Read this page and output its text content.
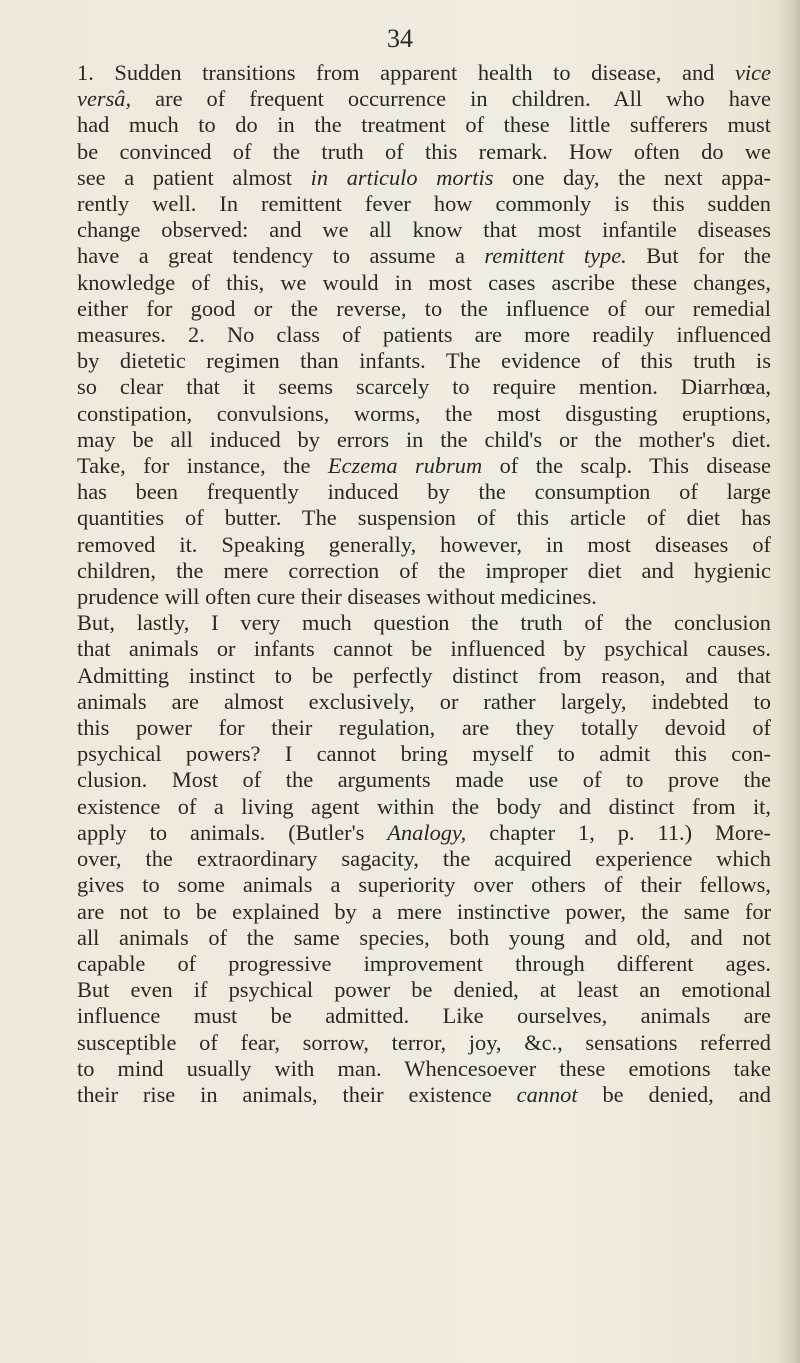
34

1. Sudden transitions from apparent health to disease, and vice
versâ, are of frequent occurrence in children. All who have
had much to do in the treatment of these little sufferers must
be convinced of the truth of this remark. How often do we
see a patient almost in articulo mortis one day, the next appa-
rently well. In remittent fever how commonly is this sudden
change observed: and we all know that most infantile diseases
have a great tendency to assume a remittent type. But for the
knowledge of this, we would in most cases ascribe these changes,
either for good or the reverse, to the influence of our remedial
measures. 2. No class of patients are more readily influenced
by dietetic regimen than infants. The evidence of this truth is
so clear that it seems scarcely to require mention. Diarrhœa,
constipation, convulsions, worms, the most disgusting eruptions,
may be all induced by errors in the child's or the mother's diet.
Take, for instance, the Eczema rubrum of the scalp. This disease
has been frequently induced by the consumption of large
quantities of butter. The suspension of this article of diet has
removed it. Speaking generally, however, in most diseases of
children, the mere correction of the improper diet and hygienic
prudence will often cure their diseases without medicines.

But, lastly, I very much question the truth of the conclusion
that animals or infants cannot be influenced by psychical causes.
Admitting instinct to be perfectly distinct from reason, and that
animals are almost exclusively, or rather largely, indebted to
this power for their regulation, are they totally devoid of
psychical powers? I cannot bring myself to admit this con-
clusion. Most of the arguments made use of to prove the
existence of a living agent within the body and distinct from it,
apply to animals. (Butler's Analogy, chapter 1, p. 11.) More-
over, the extraordinary sagacity, the acquired experience which
gives to some animals a superiority over others of their fellows,
are not to be explained by a mere instinctive power, the same for
all animals of the same species, both young and old, and not
capable of progressive improvement through different ages.
But even if psychical power be denied, at least an emotional
influence must be admitted. Like ourselves, animals are
susceptible of fear, sorrow, terror, joy, &c., sensations referred
to mind usually with man. Whencesoever these emotions take
their rise in animals, their existence cannot be denied, and
